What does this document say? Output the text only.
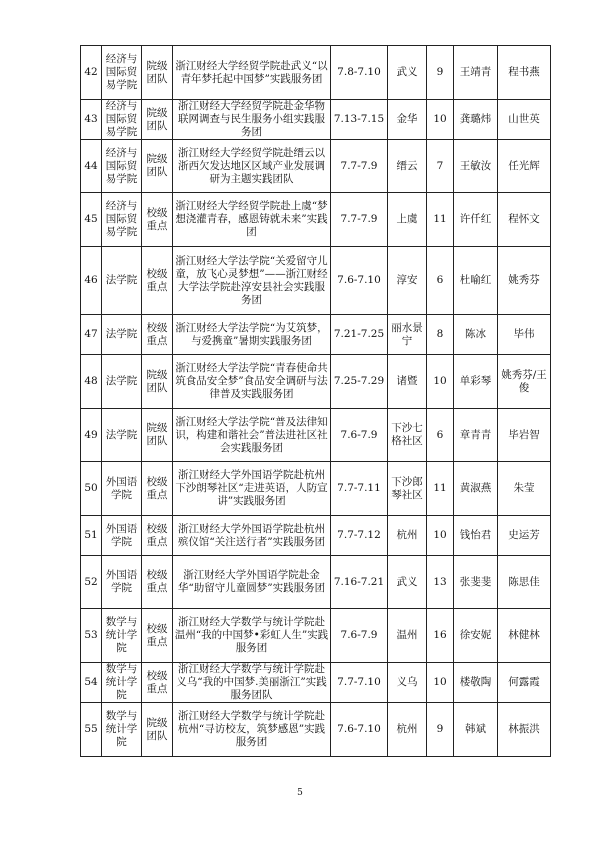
42	经济与国际贸易学院	院级团队	浙江财经大学经贸学院赴武义“以青年梦托起中国梦”实践服务团	7.8-7.10	武义	9	王靖青	程书燕
43	经济与国际贸易学院	院级团队	浙江财经大学经贸学院赴金华物联网调查与民生服务小组实践服务团	7.13-7.15	金华	10	龚璐炜	山世英
44	经济与国际贸易学院	院级团队	浙江财经大学经贸学院赴缙云以浙西欠发达地区区域产业发展调研为主题实践团队	7.7-7.9	缙云	7	王敏汝	任光辉
45	经济与国际贸易学院	校级重点	浙江财经大学经贸学院赴上虞“梦想浇灌青春，感恩铸就未来”实践团	7.7-7.9	上虞	11	许仟红	程怀文
46	法学院	校级重点	浙江财经大学法学院“关爱留守儿童，放飞心灵梦想”——浙江财经大学法学院赴淳安县社会实践服务团	7.6-7.10	淳安	6	杜喻红	姚秀芬
47	法学院	校级重点	浙江财经大学法学院“为艾筑梦，与爱携童”暑期实践服务团	7.21-7.25	丽水景宁	8	陈冰	毕伟
48	法学院	院级团队	浙江财经大学法学院“青春使命共筑食品安全梦”食品安全调研与法律普及实践服务团	7.25-7.29	诸暨	10	单彩琴	姚秀芬/王俊
49	法学院	院级团队	浙江财经大学法学院“普及法律知识，构建和谐社会”普法进社区社会实践服务团	7.6-7.9	下沙七格社区	6	章青青	毕岩智
50	外国语学院	校级重点	浙江财经大学外国语学院赴杭州下沙朗琴社区“走进英语，人防宣讲”实践服务团	7.7-7.11	下沙郎琴社区	11	黄淑燕	朱莹
51	外国语学院	校级重点	浙江财经大学外国语学院赴杭州殡仪馆“关注送行者”实践服务团	7.7-7.12	杭州	10	钱怡君	史运芳
52	外国语学院	校级重点	浙江财经大学外国语学院赴金华“助留守儿童圆梦”实践服务团	7.16-7.21	武义	13	张斐斐	陈思佳
53	数学与统计学院	校级重点	浙江财经大学数学与统计学院赴温州“我的中国梦•彩虹人生”实践服务团	7.6-7.9	温州	16	徐安妮	林健林
54	数学与统计学院	校级重点	浙江财经大学数学与统计学院赴义乌“我的中国梦.美丽浙江”实践服务团队	7.7-7.10	义乌	10	楼敬陶	何露霞
55	数学与统计学院	院级团队	浙江财经大学数学与统计学院赴杭州“寻访校友，筑梦感恩”实践服务团	7.6-7.10	杭州	9	韩斌	林振洪
5
